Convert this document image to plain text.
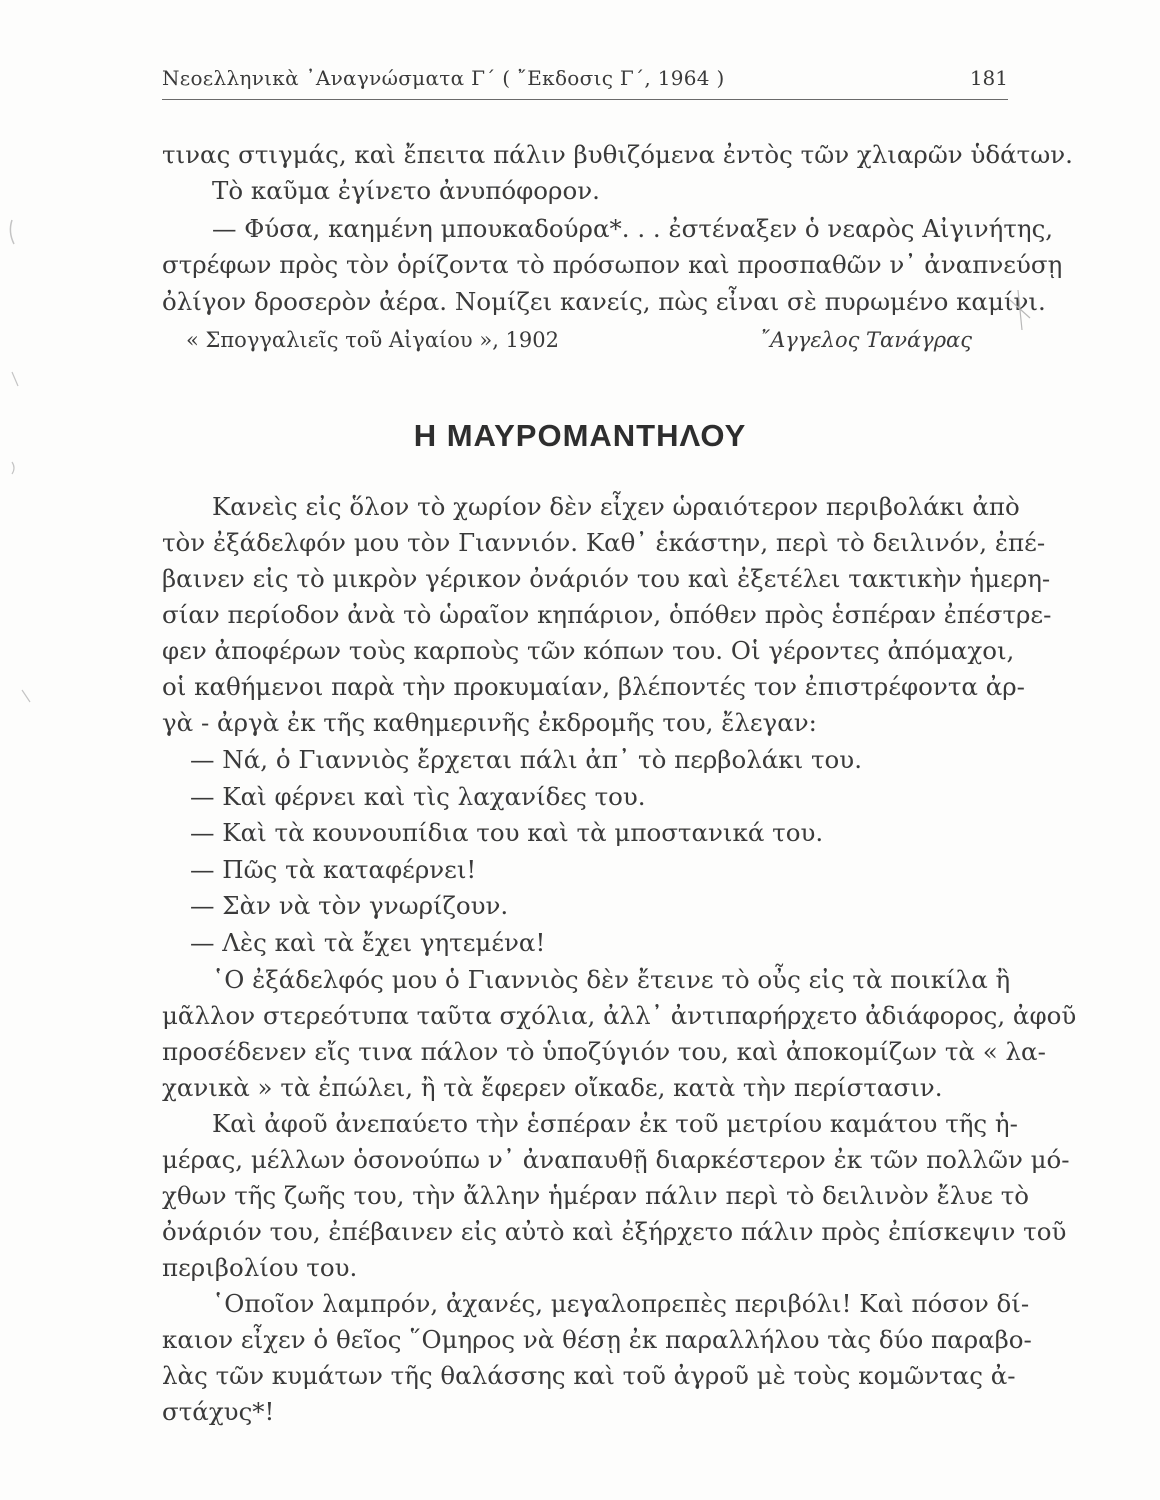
Νεοελληνικὰ ᾿Αναγνώσματα Γ΄ ( ῎Εκδοσις Γ΄, 1964 )	181
τινας στιγμάς, καὶ ἔπειτα πάλιν βυθιζόμενα ἐντὸς τῶν χλιαρῶν ὑδάτων.
Τὸ καῦμα ἐγίνετο ἀνυπόφορον.
— Φύσα, καημένη μπουκαδούρα*. . . ἐστέναξεν ὁ νεαρὸς Αἰγινήτης,
στρέφων πρὸς τὸν ὁρίζοντα τὸ πρόσωπον καὶ προσπαθῶν ν᾿ ἀναπνεύσῃ
ὀλίγον δροσερὸν ἀέρα. Νομίζει κανείς, πὼς εἶναι σὲ πυρωμένο καμίνι.
« Σπογγαλιεῖς τοῦ Αἰγαίου », 1902	῎Αγγελος Τανάγρας
Η ΜΑΥΡΟΜΑΝΤΗΛΟΥ
Κανεὶς εἰς ὅλον τὸ χωρίον δὲν εἶχεν ὡραιότερον περιβολάκι ἀπὸ
τὸν ἐξάδελφόν μου τὸν Γιαννιόν. Καθ᾿ ἑκάστην, περὶ τὸ δειλινόν, ἐπέ-
βαινεν εἰς τὸ μικρὸν γέρικον ὀνάριόν του καὶ ἐξετέλει τακτικὴν ἡμερη-
σίαν περίοδον ἀνὰ τὸ ὡραῖον κηπάριον, ὁπόθεν πρὸς ἑσπέραν ἐπέστρε-
φεν ἀποφέρων τοὺς καρποὺς τῶν κόπων του. Οἱ γέροντες ἀπόμαχοι,
οἱ καθήμενοι παρὰ τὴν προκυμαίαν, βλέποντές τον ἐπιστρέφοντα ἀρ-
γὰ - ἀργὰ ἐκ τῆς καθημερινῆς ἐκδρομῆς του, ἔλεγαν:
— Νά, ὁ Γιαννιὸς ἔρχεται πάλι ἀπ᾿ τὸ περβολάκι του.
— Καὶ φέρνει καὶ τὶς λαχανίδες του.
— Καὶ τὰ κουνουπίδια του καὶ τὰ μποστανικά του.
— Πῶς τὰ καταφέρνει!
— Σὰν νὰ τὸν γνωρίζουν.
— Λὲς καὶ τὰ ἔχει γητεμένα!
῾Ο ἐξάδελφός μου ὁ Γιαννιὸς δὲν ἔτεινε τὸ οὖς εἰς τὰ ποικίλα ἢ
μᾶλλον στερεότυπα ταῦτα σχόλια, ἀλλ᾿ ἀντιπαρήρχετο ἀδιάφορος, ἀφοῦ
προσέδενεν εἴς τινα πάλον τὸ ὑποζύγιόν του, καὶ ἀποκομίζων τὰ « λα-
χανικὰ » τὰ ἐπώλει, ἢ τὰ ἔφερεν οἴκαδε, κατὰ τὴν περίστασιν.
Καὶ ἀφοῦ ἀνεπαύετο τὴν ἑσπέραν ἐκ τοῦ μετρίου καμάτου τῆς ἡ-
μέρας, μέλλων ὁσονούπω ν᾿ ἀναπαυθῇ διαρκέστερον ἐκ τῶν πολλῶν μό-
χθων τῆς ζωῆς του, τὴν ἄλλην ἡμέραν πάλιν περὶ τὸ δειλινὸν ἔλυε τὸ
ὀνάριόν του, ἐπέβαινεν εἰς αὐτὸ καὶ ἐξήρχετο πάλιν πρὸς ἐπίσκεψιν τοῦ
περιβολίου του.
῾Οποῖον λαμπρόν, ἀχανές, μεγαλοπρεπὲς περιβόλι! Καὶ πόσον δί-
καιον εἶχεν ὁ θεῖος ῞Ομηρος νὰ θέσῃ ἐκ παραλλήλου τὰς δύο παραβο-
λὰς τῶν κυμάτων τῆς θαλάσσης καὶ τοῦ ἀγροῦ μὲ τοὺς κομῶντας ἀ-
στάχυς*!
